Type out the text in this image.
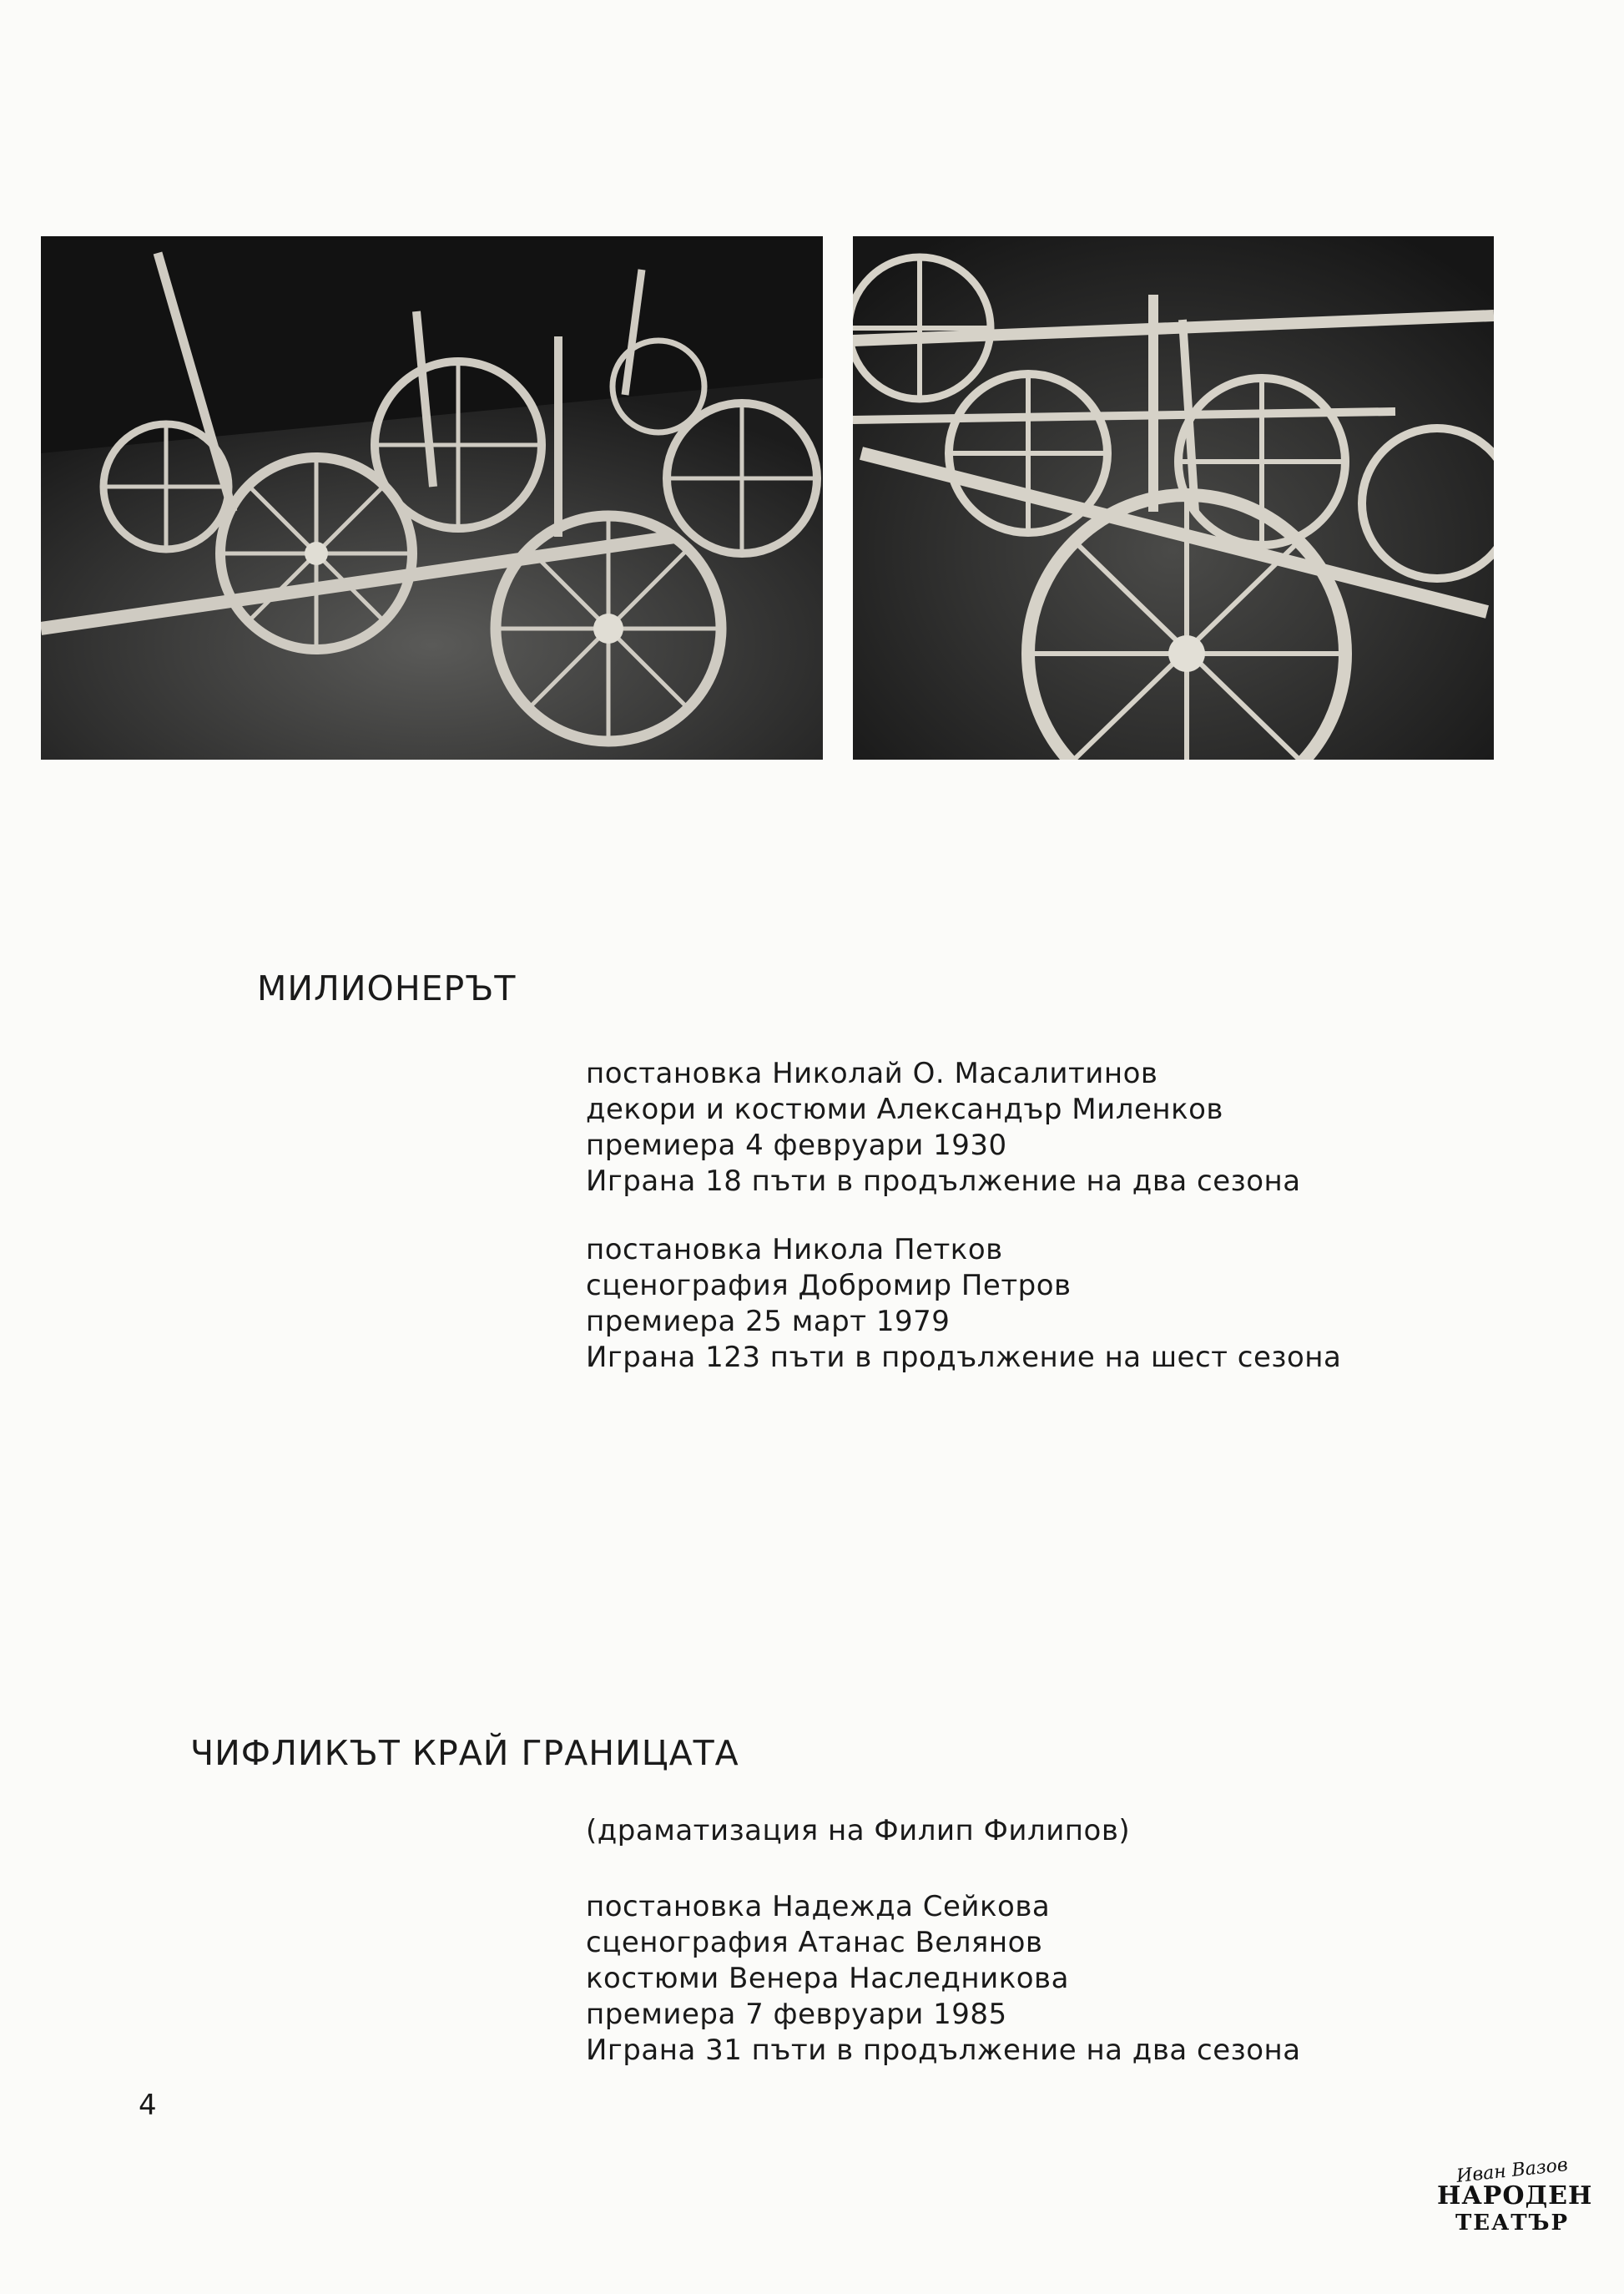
МИЛИОНЕРЪТ
постановка Николай О. Масалитинов
декори и костюми Александър Миленков
премиера 4 февруари 1930
Играна 18 пъти в продължение на два сезона
постановка Никола Петков
сценография Добромир Петров
премиера 25 март 1979
Играна 123 пъти в продължение на шест сезона
ЧИФЛИКЪТ КРАЙ ГРАНИЦАТА
(драматизация на Филип Филипов)
постановка Надежда Сейкова
сценография Атанас Велянов
костюми Венера Наследникова
премиера 7 февруари 1985
Играна 31 пъти в продължение на два сезона
4
Иван Вазов
НАРОДЕН
ТЕАТЪР
